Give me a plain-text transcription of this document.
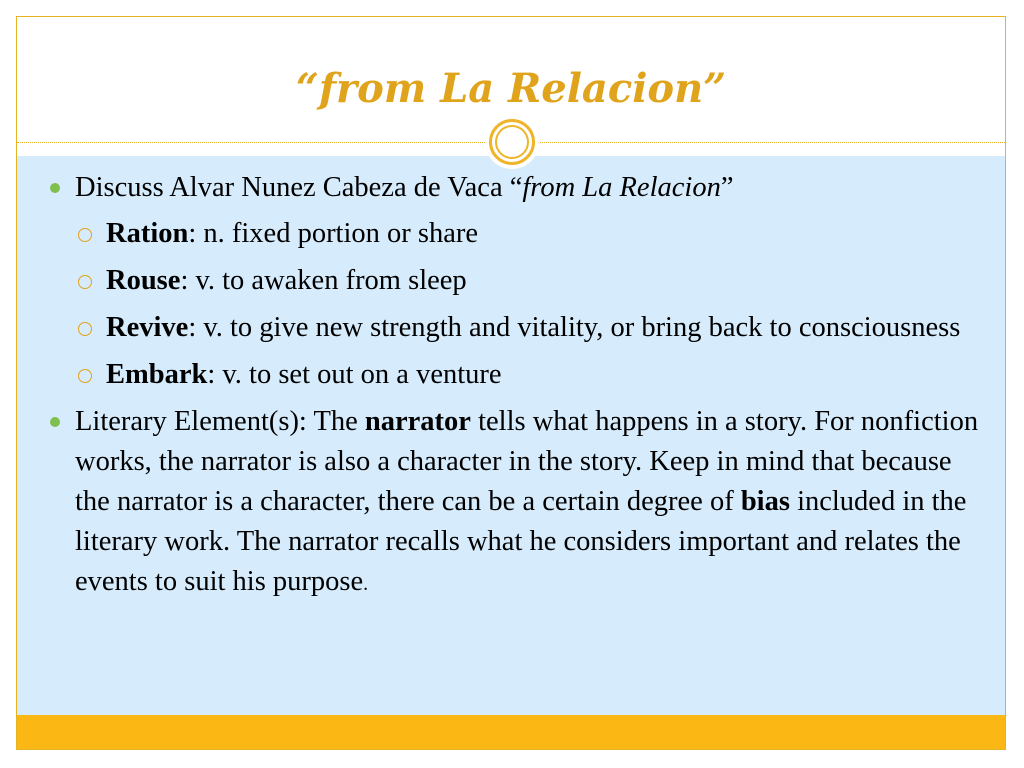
“from La Relacion”
Discuss Alvar Nunez Cabeza de Vaca “from La Relacion”
Ration: n. fixed portion or share
Rouse: v. to awaken from sleep
Revive: v. to give new strength and vitality, or bring back to consciousness
Embark: v. to set out on a venture
Literary Element(s): The narrator tells what happens in a story. For nonfiction works, the narrator is also a character in the story. Keep in mind that because the narrator is a character, there can be a certain degree of bias included in the literary work. The narrator recalls what he considers important and relates the events to suit his purpose.
